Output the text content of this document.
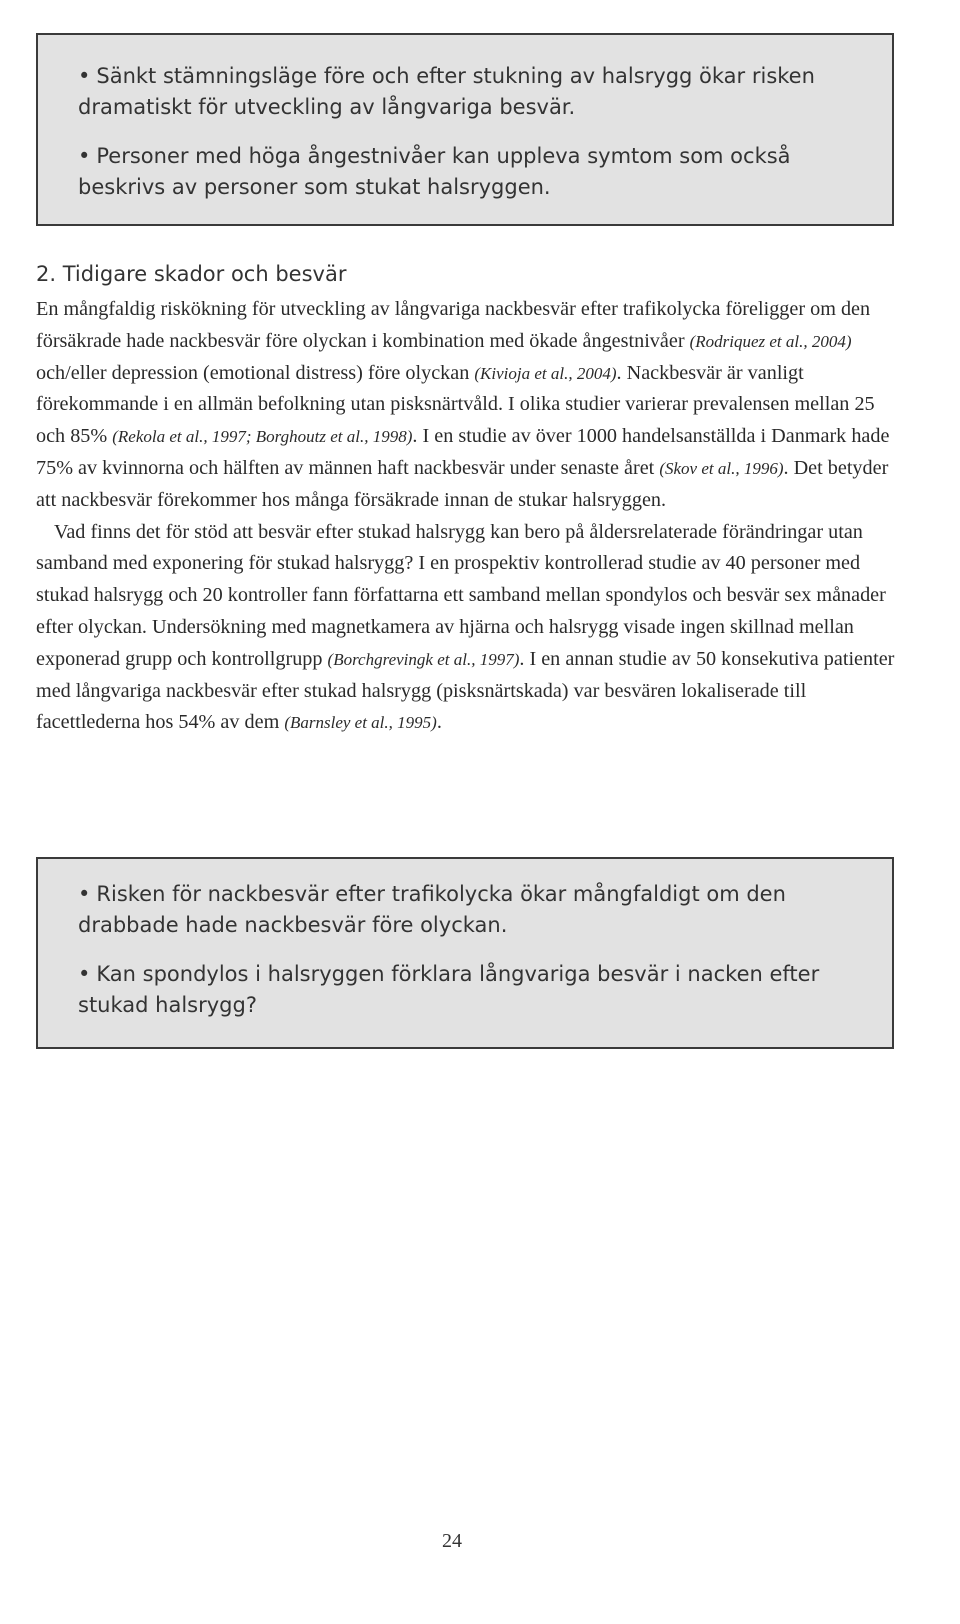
• Sänkt stämningsläge före och efter stukning av halsrygg ökar risken dramatiskt för utveckling av långvariga besvär.
• Personer med höga ångestnivåer kan uppleva symtom som också beskrivs av personer som stukat halsryggen.
2. Tidigare skador och besvär

En mångfaldig riskökning för utveckling av långvariga nackbesvär efter trafikolycka föreligger om den försäkrade hade nackbesvär före olyckan i kombination med ökade ångestnivåer (Rodriquez et al., 2004) och/eller depression (emotional distress) före olyckan (Kivioja et al., 2004). Nackbesvär är vanligt förekommande i en allmän befolkning utan pisksnärtvåld. I olika studier varierar prevalensen mellan 25 och 85% (Rekola et al., 1997; Borghoutz et al., 1998). I en studie av över 1000 handelsanställda i Danmark hade 75% av kvinnorna och hälften av männen haft nackbesvär under senaste året (Skov et al., 1996). Det betyder att nackbesvär förekommer hos många försäkrade innan de stukar halsryggen.

Vad finns det för stöd att besvär efter stukad halsrygg kan bero på åldersrelaterade förändringar utan samband med exponering för stukad halsrygg? I en prospektiv kontrollerad studie av 40 personer med stukad halsrygg och 20 kontroller fann författarna ett samband mellan spondylos och besvär sex månader efter olyckan. Undersökning med magnetkamera av hjärna och halsrygg visade ingen skillnad mellan exponerad grupp och kontrollgrupp (Borchgrevingk et al., 1997). I en annan studie av 50 konsekutiva patienter med långvariga nackbesvär efter stukad halsrygg (pisksnärtskada) var besvären lokaliserade till facettlederna hos 54% av dem (Barnsley et al., 1995).

• Risken för nackbesvär efter trafikolycka ökar mångfaldigt om den drabbade hade nackbesvär före olyckan.
• Kan spondylos i halsryggen förklara långvariga besvär i nacken efter stukad halsrygg?
24
